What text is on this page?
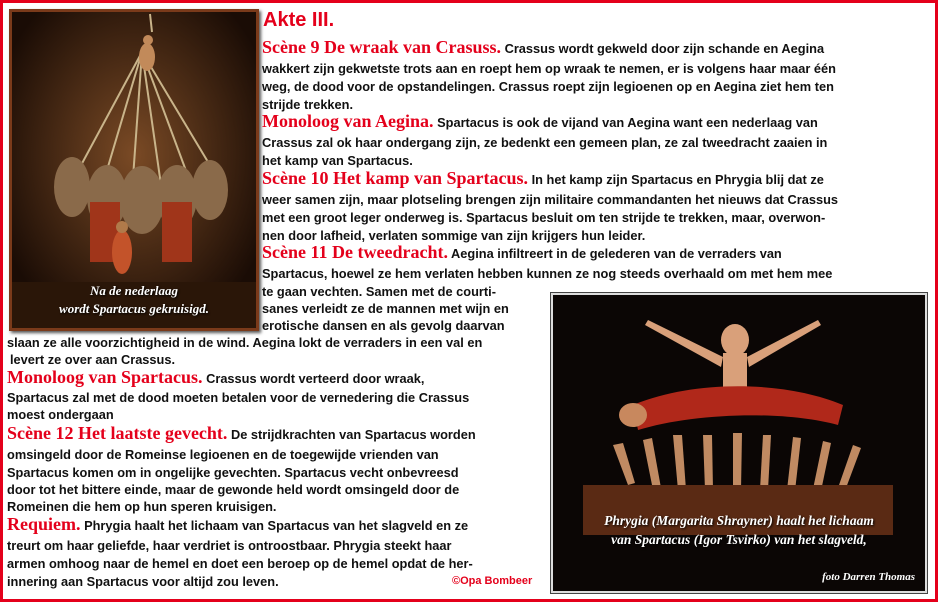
Na de nederlaag
wordt Spartacus gekruisigd.
Phrygia (Margarita Shrayner) haalt het lichaam
van Spartacus (Igor Tsvirko) van het slagveld,
foto Darren Thomas
Akte III.
Scène 9 De wraak van Crasuss. Crassus wordt gekweld door zijn schande en Aegina
wakkert zijn gekwetste trots aan en roept hem op wraak te nemen, er is volgens haar maar één
weg, de dood voor de opstandelingen. Crassus roept zijn legioenen op en Aegina ziet hem ten
strijde trekken.
Monoloog van Aegina. Spartacus is ook de vijand van Aegina want een nederlaag van
Crassus zal ok haar ondergang zijn, ze bedenkt een gemeen plan, ze zal tweedracht zaaien in
het kamp van Spartacus.
Scène 10 Het kamp van Spartacus. In het kamp zijn Spartacus en Phrygia blij dat ze
weer samen zijn, maar plotseling brengen zijn militaire commandanten het nieuws dat Crassus
met een groot leger onderweg is. Spartacus besluit om ten strijde te trekken, maar, overwon-
nen door lafheid, verlaten sommige van zijn krijgers hun leider.
Scène 11 De tweedracht. Aegina infiltreert in de gelederen van de verraders van
Spartacus, hoewel ze hem verlaten hebben kunnen ze nog steeds overhaald om met hem mee
te gaan vechten. Samen met de courti-
sanes verleidt ze de mannen met wijn en
erotische dansen en als gevolg daarvan
slaan ze alle voorzichtigheid in de wind. Aegina lokt de verraders in een val en
levert ze over aan Crassus.
Monoloog van Spartacus. Crassus wordt verteerd door wraak,
Spartacus zal met de dood moeten betalen voor de vernedering die Crassus
moest ondergaan
Scène 12 Het laatste gevecht. De strijdkrachten van Spartacus worden
omsingeld door de Romeinse legioenen en de toegewijde vrienden van
Spartacus komen om in ongelijke gevechten. Spartacus vecht onbevreesd
door tot het bittere einde, maar de gewonde held wordt omsingeld door de
Romeinen die hem op hun speren kruisigen.
Requiem. Phrygia haalt het lichaam van Spartacus van het slagveld en ze
treurt om haar geliefde, haar verdriet is ontroostbaar. Phrygia steekt haar
armen omhoog naar de hemel en doet een beroep op de hemel opdat de her-
innering aan Spartacus voor altijd zou leven.	©Opa Bombeer
